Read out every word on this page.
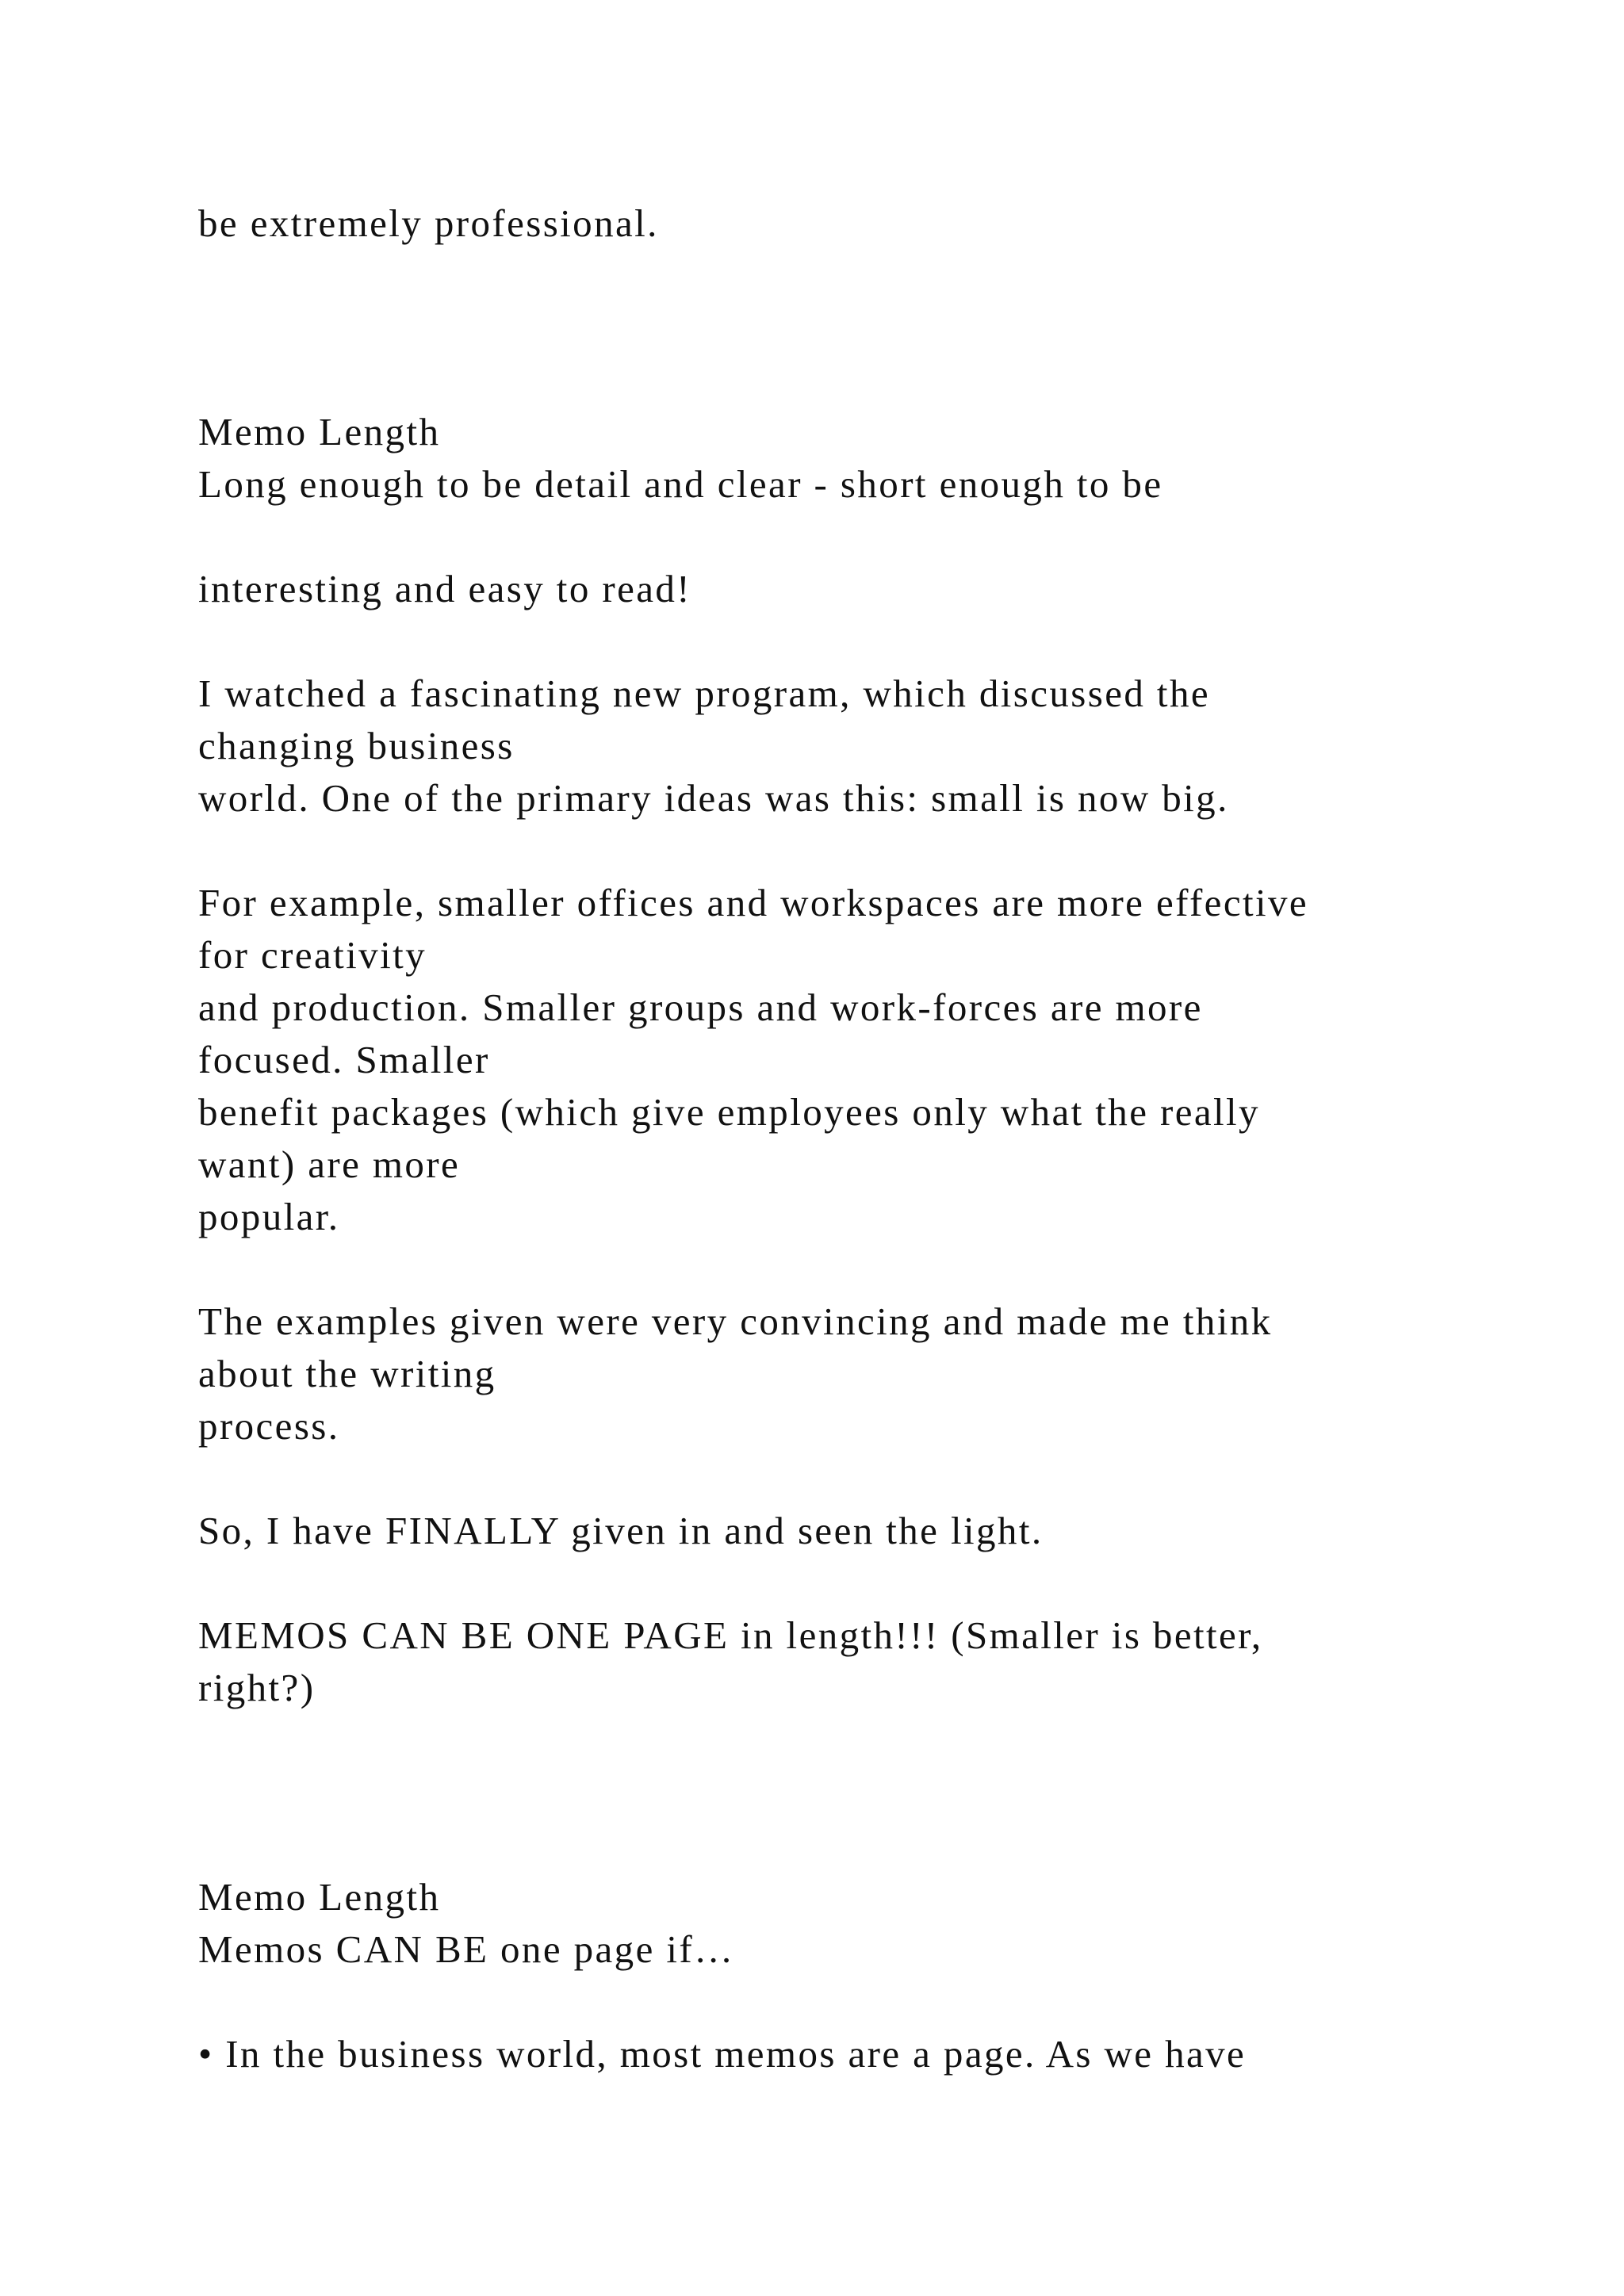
be extremely professional.

Memo Length

Long enough to be detail and clear - short enough to be

interesting and easy to read!

I watched a fascinating new program, which discussed the

changing business

world. One of the primary ideas was this: small is now big.

For example, smaller offices and workspaces are more effective

for creativity

and production. Smaller groups and work-forces are more

focused. Smaller

benefit packages (which give employees only what the really

want) are more

popular.

The examples given were very convincing and made me think

about the writing

process.

So, I have FINALLY given in and seen the light.

MEMOS CAN BE ONE PAGE in length!!! (Smaller is better,

right?)

Memo Length

Memos CAN BE one page if…

• In the business world, most memos are a page. As we have
